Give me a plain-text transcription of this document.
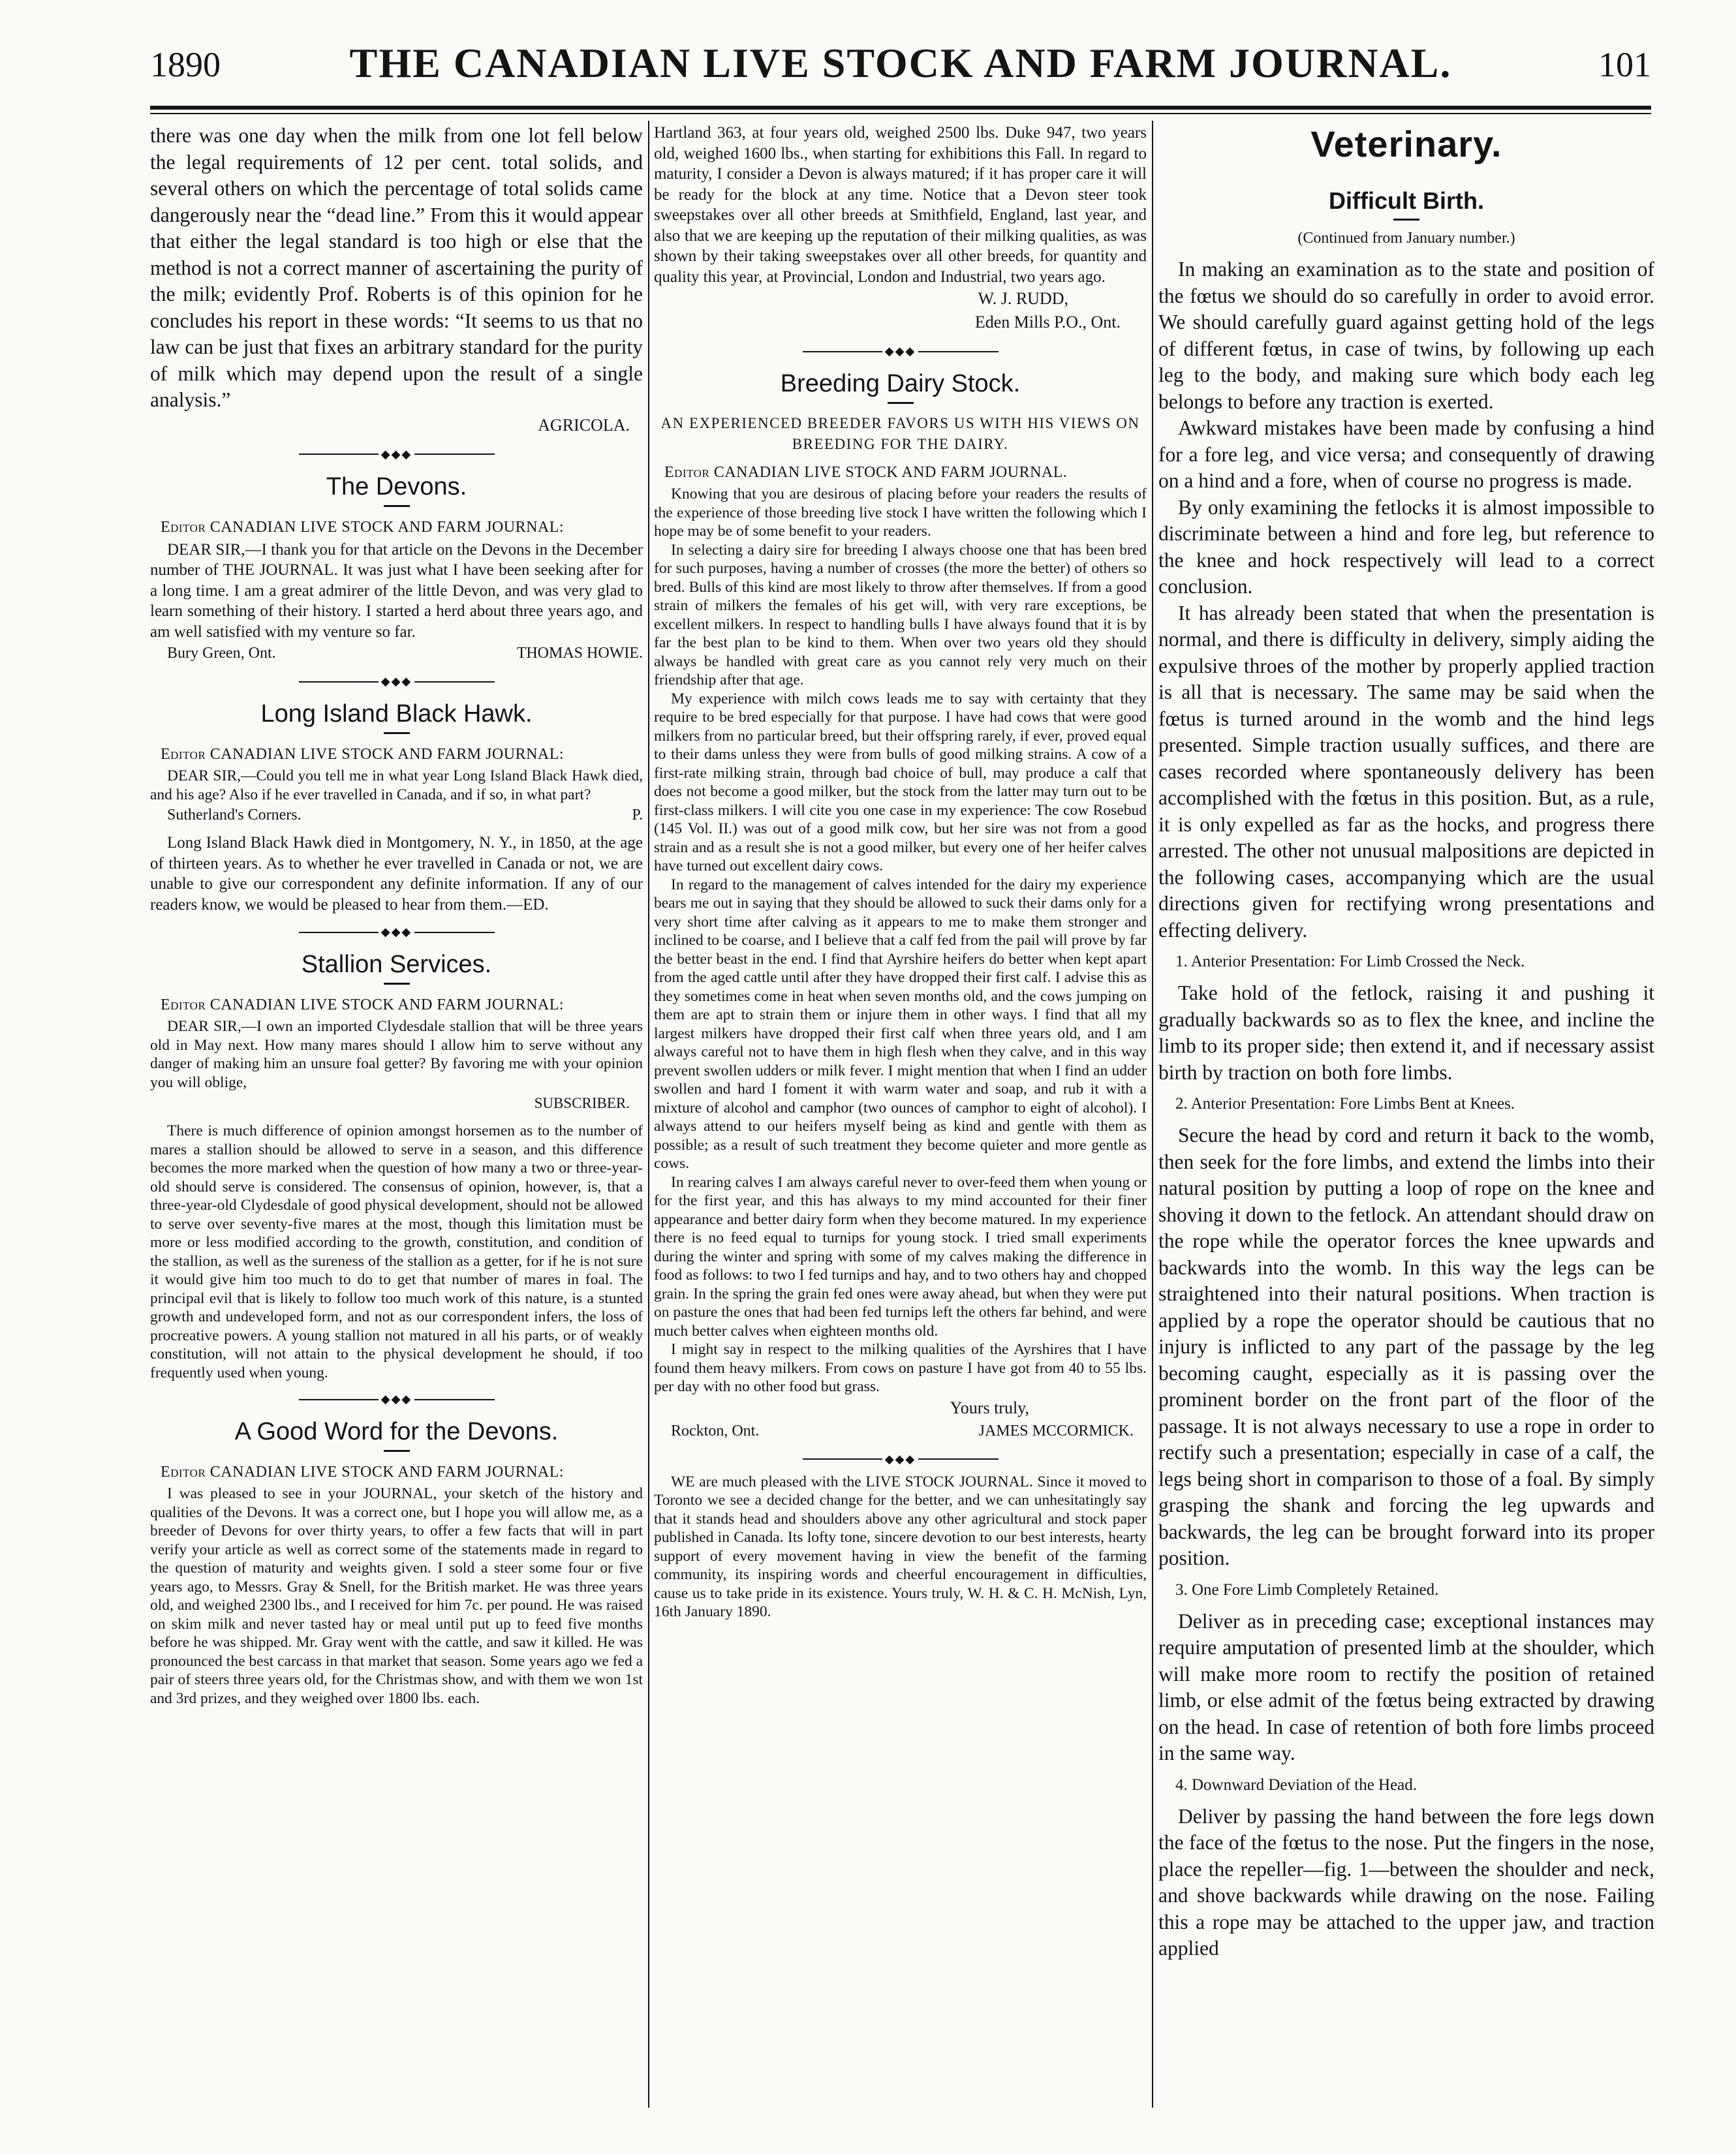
1890	THE CANADIAN LIVE STOCK AND FARM JOURNAL.	101

there was one day when the milk from one lot fell below the legal requirements of 12 per cent. total solids, and several others on which the percentage of total solids came dangerously near the “dead line.” From this it would appear that either the legal standard is too high or else that the method is not a correct manner of ascertaining the purity of the milk; evidently Prof. Roberts is of this opinion for he concludes his report in these words: “It seems to us that no law can be just that fixes an arbitrary standard for the purity of milk which may depend upon the result of a single analysis.”

AGRICOLA.
◆◆◆
The Devons.
Editor CANADIAN LIVE STOCK AND FARM JOURNAL:

DEAR SIR,—I thank you for that article on the Devons in the December number of THE JOURNAL. It was just what I have been seeking after for a long time. I am a great admirer of the little Devon, and was very glad to learn something of their history. I started a herd about three years ago, and am well satisfied with my venture so far.

Bury Green, Ont.	THOMAS HOWIE.
◆◆◆
Long Island Black Hawk.
Editor CANADIAN LIVE STOCK AND FARM JOURNAL:

DEAR SIR,—Could you tell me in what year Long Island Black Hawk died, and his age? Also if he ever travelled in Canada, and if so, in what part?

Sutherland's Corners.	P.

Long Island Black Hawk died in Montgomery, N. Y., in 1850, at the age of thirteen years. As to whether he ever travelled in Canada or not, we are unable to give our correspondent any definite information. If any of our readers know, we would be pleased to hear from them.—ED.

◆◆◆
Stallion Services.
Editor CANADIAN LIVE STOCK AND FARM JOURNAL:

DEAR SIR,—I own an imported Clydesdale stallion that will be three years old in May next. How many mares should I allow him to serve without any danger of making him an unsure foal getter? By favoring me with your opinion you will oblige,

SUBSCRIBER.

There is much difference of opinion amongst horsemen as to the number of mares a stallion should be allowed to serve in a season, and this difference becomes the more marked when the question of how many a two or three-year-old should serve is considered. The consensus of opinion, however, is, that a three-year-old Clydesdale of good physical development, should not be allowed to serve over seventy-five mares at the most, though this limitation must be more or less modified according to the growth, constitution, and condition of the stallion, as well as the sureness of the stallion as a getter, for if he is not sure it would give him too much to do to get that number of mares in foal. The principal evil that is likely to follow too much work of this nature, is a stunted growth and undeveloped form, and not as our correspondent infers, the loss of procreative powers. A young stallion not matured in all his parts, or of weakly constitution, will not attain to the physical development he should, if too frequently used when young.

◆◆◆
A Good Word for the Devons.
Editor CANADIAN LIVE STOCK AND FARM JOURNAL:

I was pleased to see in your JOURNAL, your sketch of the history and qualities of the Devons. It was a correct one, but I hope you will allow me, as a breeder of Devons for over thirty years, to offer a few facts that will in part verify your article as well as correct some of the statements made in regard to the question of maturity and weights given. I sold a steer some four or five years ago, to Messrs. Gray & Snell, for the British market. He was three years old, and weighed 2300 lbs., and I received for him 7c. per pound. He was raised on skim milk and never tasted hay or meal until put up to feed five months before he was shipped. Mr. Gray went with the cattle, and saw it killed. He was pronounced the best carcass in that market that season. Some years ago we fed a pair of steers three years old, for the Christmas show, and with them we won 1st and 3rd prizes, and they weighed over 1800 lbs. each.

Hartland 363, at four years old, weighed 2500 lbs. Duke 947, two years old, weighed 1600 lbs., when starting for exhibitions this Fall. In regard to maturity, I consider a Devon is always matured; if it has proper care it will be ready for the block at any time. Notice that a Devon steer took sweepstakes over all other breeds at Smithfield, England, last year, and also that we are keeping up the reputation of their milking qualities, as was shown by their taking sweepstakes over all other breeds, for quantity and quality this year, at Provincial, London and Industrial, two years ago.

W. J. RUDD,
Eden Mills P.O., Ont.
◆◆◆
Breeding Dairy Stock.
AN EXPERIENCED BREEDER FAVORS US WITH HIS VIEWS ON BREEDING FOR THE DAIRY.
Editor CANADIAN LIVE STOCK AND FARM JOURNAL.

Knowing that you are desirous of placing before your readers the results of the experience of those breeding live stock I have written the following which I hope may be of some benefit to your readers.

In selecting a dairy sire for breeding I always choose one that has been bred for such purposes, having a number of crosses (the more the better) of others so bred. Bulls of this kind are most likely to throw after themselves. If from a good strain of milkers the females of his get will, with very rare exceptions, be excellent milkers. In respect to handling bulls I have always found that it is by far the best plan to be kind to them. When over two years old they should always be handled with great care as you cannot rely very much on their friendship after that age.

My experience with milch cows leads me to say with certainty that they require to be bred especially for that purpose. I have had cows that were good milkers from no particular breed, but their offspring rarely, if ever, proved equal to their dams unless they were from bulls of good milking strains. A cow of a first-rate milking strain, through bad choice of bull, may produce a calf that does not become a good milker, but the stock from the latter may turn out to be first-class milkers. I will cite you one case in my experience: The cow Rosebud (145 Vol. II.) was out of a good milk cow, but her sire was not from a good strain and as a result she is not a good milker, but every one of her heifer calves have turned out excellent dairy cows.

In regard to the management of calves intended for the dairy my experience bears me out in saying that they should be allowed to suck their dams only for a very short time after calving as it appears to me to make them stronger and inclined to be coarse, and I believe that a calf fed from the pail will prove by far the better beast in the end. I find that Ayrshire heifers do better when kept apart from the aged cattle until after they have dropped their first calf. I advise this as they sometimes come in heat when seven months old, and the cows jumping on them are apt to strain them or injure them in other ways. I find that all my largest milkers have dropped their first calf when three years old, and I am always careful not to have them in high flesh when they calve, and in this way prevent swollen udders or milk fever. I might mention that when I find an udder swollen and hard I foment it with warm water and soap, and rub it with a mixture of alcohol and camphor (two ounces of camphor to eight of alcohol). I always attend to our heifers myself being as kind and gentle with them as possible; as a result of such treatment they become quieter and more gentle as cows.

In rearing calves I am always careful never to over-feed them when young or for the first year, and this has always to my mind accounted for their finer appearance and better dairy form when they become matured. In my experience there is no feed equal to turnips for young stock. I tried small experiments during the winter and spring with some of my calves making the difference in food as follows: to two I fed turnips and hay, and to two others hay and chopped grain. In the spring the grain fed ones were away ahead, but when they were put on pasture the ones that had been fed turnips left the others far behind, and were much better calves when eighteen months old.

I might say in respect to the milking qualities of the Ayrshires that I have found them heavy milkers. From cows on pasture I have got from 40 to 55 lbs. per day with no other food but grass.

Yours truly,
Rockton, Ont.	JAMES MCCORMICK.
◆◆◆

WE are much pleased with the LIVE STOCK JOURNAL. Since it moved to Toronto we see a decided change for the better, and we can unhesitatingly say that it stands head and shoulders above any other agricultural and stock paper published in Canada. Its lofty tone, sincere devotion to our best interests, hearty support of every movement having in view the benefit of the farming community, its inspiring words and cheerful encouragement in difficulties, cause us to take pride in its existence. Yours truly, W. H. & C. H. McNish, Lyn, 16th January 1890.

Veterinary.
Difficult Birth.
(Continued from January number.)

In making an examination as to the state and position of the fœtus we should do so carefully in order to avoid error. We should carefully guard against getting hold of the legs of different fœtus, in case of twins, by following up each leg to the body, and making sure which body each leg belongs to before any traction is exerted.

Awkward mistakes have been made by confusing a hind for a fore leg, and vice versa; and consequently of drawing on a hind and a fore, when of course no progress is made.

By only examining the fetlocks it is almost impossible to discriminate between a hind and fore leg, but reference to the knee and hock respectively will lead to a correct conclusion.

It has already been stated that when the presentation is normal, and there is difficulty in delivery, simply aiding the expulsive throes of the mother by properly applied traction is all that is necessary. The same may be said when the fœtus is turned around in the womb and the hind legs presented. Simple traction usually suffices, and there are cases recorded where spontaneously delivery has been accomplished with the fœtus in this position. But, as a rule, it is only expelled as far as the hocks, and progress there arrested. The other not unusual malpositions are depicted in the following cases, accompanying which are the usual directions given for rectifying wrong presentations and effecting delivery.

1. Anterior Presentation: For Limb Crossed the Neck.

Take hold of the fetlock, raising it and pushing it gradually backwards so as to flex the knee, and incline the limb to its proper side; then extend it, and if necessary assist birth by traction on both fore limbs.

2. Anterior Presentation: Fore Limbs Bent at Knees.

Secure the head by cord and return it back to the womb, then seek for the fore limbs, and extend the limbs into their natural position by putting a loop of rope on the knee and shoving it down to the fetlock. An attendant should draw on the rope while the operator forces the knee upwards and backwards into the womb. In this way the legs can be straightened into their natural positions. When traction is applied by a rope the operator should be cautious that no injury is inflicted to any part of the passage by the leg becoming caught, especially as it is passing over the prominent border on the front part of the floor of the passage. It is not always necessary to use a rope in order to rectify such a presentation; especially in case of a calf, the legs being short in comparison to those of a foal. By simply grasping the shank and forcing the leg upwards and backwards, the leg can be brought forward into its proper position.

3. One Fore Limb Completely Retained.

Deliver as in preceding case; exceptional instances may require amputation of presented limb at the shoulder, which will make more room to rectify the position of retained limb, or else admit of the fœtus being extracted by drawing on the head. In case of retention of both fore limbs proceed in the same way.

4. Downward Deviation of the Head.

Deliver by passing the hand between the fore legs down the face of the fœtus to the nose. Put the fingers in the nose, place the repeller—fig. 1—between the shoulder and neck, and shove backwards while drawing on the nose. Failing this a rope may be attached to the upper jaw, and traction applied
